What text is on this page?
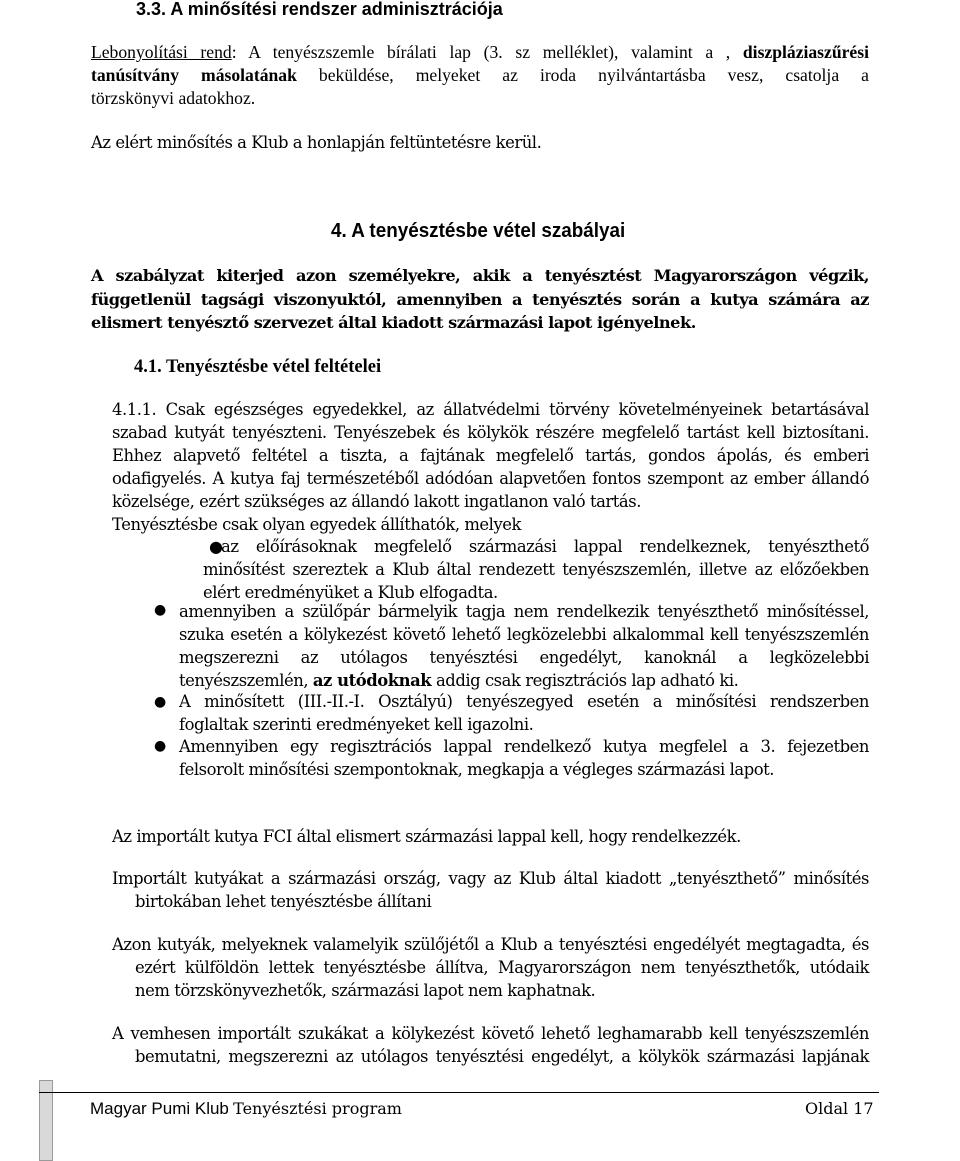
3.3. A minősítési rendszer adminisztrációja
Lebonyolítási rend: A tenyészszemle bírálati lap (3. sz melléklet), valamint a , diszpláziaszűrési
tanúsítvány másolatának beküldése, melyeket az iroda nyilvántartásba vesz, csatolja a
törzskönyvi adatokhoz.
Az elért minősítés a Klub a honlapján feltüntetésre kerül.
4. A tenyésztésbe vétel szabályai
A szabályzat kiterjed azon személyekre, akik a tenyésztést Magyarországon végzik,
függetlenül tagsági viszonyuktól, amennyiben a tenyésztés során a kutya számára az
elismert tenyésztő szervezet által kiadott származási lapot igényelnek.
4.1. Tenyésztésbe vétel feltételei
4.1.1. Csak egészséges egyedekkel, az állatvédelmi törvény követelményeinek betartásával
szabad kutyát tenyészteni. Tenyészebek és kölykök részére megfelelő tartást kell biztosítani.
Ehhez alapvető feltétel a tiszta, a fajtának megfelelő tartás, gondos ápolás, és emberi
odafigyelés. A kutya faj természetéből adódóan alapvetően fontos szempont az ember állandó
közelsége, ezért szükséges az állandó lakott ingatlanon való tartás.
Tenyésztésbe csak olyan egyedek állíthatók, melyek
●
az előírásoknak megfelelő származási lappal rendelkeznek, tenyészthető
minősítést szereztek a Klub által rendezett tenyészszemlén, illetve az előzőekben
elért eredményüket a Klub elfogadta.
● amennyiben a szülőpár bármelyik tagja nem rendelkezik tenyészthető minősítéssel,
szuka esetén a kölykezést követő lehető legközelebbi alkalommal kell tenyészszemlén
megszerezni az utólagos tenyésztési engedélyt, kanoknál a legközelebbi
tenyészszemlén, az utódoknak addig csak regisztrációs lap adható ki.
● A minősített (III.-II.-I. Osztályú) tenyészegyed esetén a minősítési rendszerben
foglaltak szerinti eredményeket kell igazolni.
● Amennyiben egy regisztrációs lappal rendelkező kutya megfelel a 3. fejezetben
felsorolt minősítési szempontoknak, megkapja a végleges származási lapot.
Az importált kutya FCI által elismert származási lappal kell, hogy rendelkezzék.
Importált kutyákat a származási ország, vagy az Klub által kiadott „tenyészthető” minősítés
birtokában lehet tenyésztésbe állítani
Azon kutyák, melyeknek valamelyik szülőjétől a Klub a tenyésztési engedélyét megtagadta, és
ezért külföldön lettek tenyésztésbe állítva, Magyarországon nem tenyészthetők, utódaik
nem törzskönyvezhetők, származási lapot nem kaphatnak.
A vemhesen importált szukákat a kölykezést követő lehető leghamarabb kell tenyészszemlén
bemutatni, megszerezni az utólagos tenyésztési engedélyt, a kölykök származási lapjának
Magyar Pumi Klub Tenyésztési program	Oldal 17
